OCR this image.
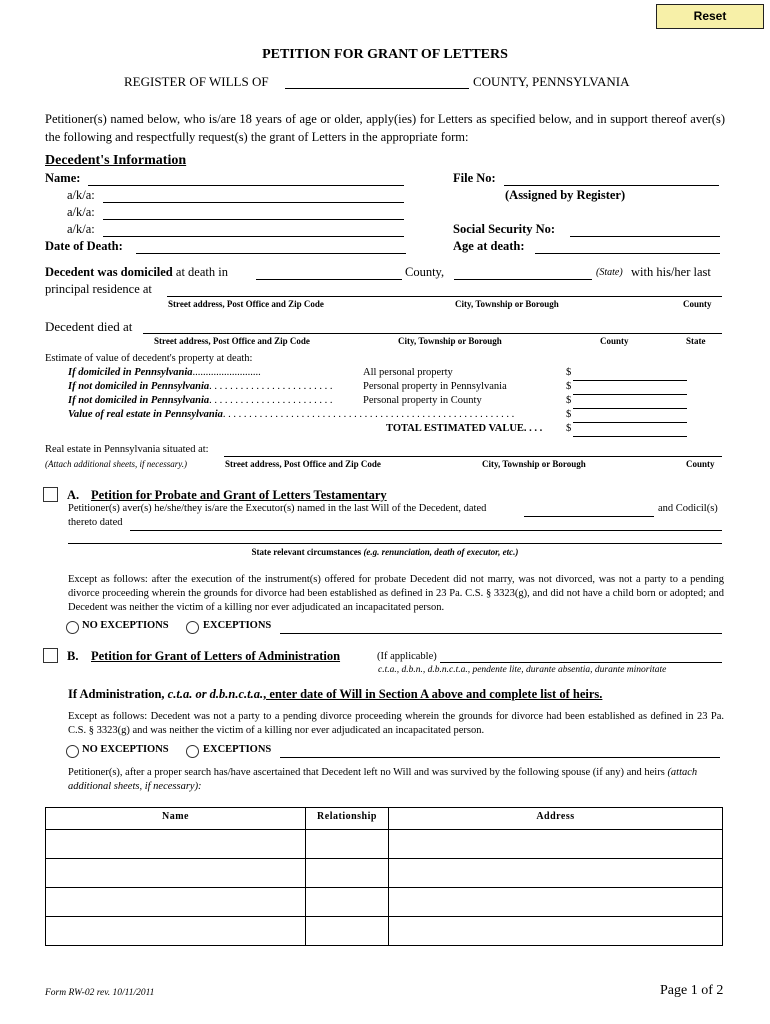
Reset
PETITION FOR GRANT OF LETTERS
REGISTER OF WILLS OF	COUNTY, PENNSYLVANIA
Petitioner(s) named below, who is/are 18 years of age or older, apply(ies) for Letters as specified below, and in support thereof aver(s) the following and respectfully request(s) the grant of Letters in the appropriate form:
Decedent's Information
Name:
a/k/a:
a/k/a:
a/k/a:
Date of Death:
File No:
(Assigned by Register)
Social Security No:
Age at death:
Decedent was domiciled at death in	County,	(State) with his/her last
principal residence at
Street address, Post Office and Zip Code	City, Township or Borough	County
Decedent died at
Street address, Post Office and Zip Code	City, Township or Borough	County	State
Estimate of value of decedent's property at death:
If domiciled in Pennsylvania..........................	All personal property	$
If not domiciled in Pennsylvania. . . . . . . . . . . . . . . . . . . . . . . .	Personal property in Pennsylvania	$
If not domiciled in Pennsylvania. . . . . . . . . . . . . . . . . . . . . . . .	Personal property in County	$
Value of real estate in Pennsylvania. . . . . . . . . . . . . . . . . . . . . . . . . . . . . . . . . . . . . . . . . . . . . . . . . . . . . . . .	$
TOTAL ESTIMATED VALUE. . . . $
Real estate in Pennsylvania situated at:
(Attach additional sheets, if necessary.)	Street address, Post Office and Zip Code	City, Township or Borough	County
A. Petition for Probate and Grant of Letters Testamentary
Petitioner(s) aver(s) he/she/they is/are the Executor(s) named in the last Will of the Decedent, dated	and Codicil(s)
thereto dated
State relevant circumstances (e.g. renunciation, death of executor, etc.)
Except as follows: after the execution of the instrument(s) offered for probate Decedent did not marry, was not divorced, was not a party to a pending divorce proceeding wherein the grounds for divorce had been established as defined in 23 Pa. C.S. § 3323(g), and did not have a child born or adopted; and Decedent was neither the victim of a killing nor ever adjudicated an incapacitated person.
NO EXCEPTIONS	EXCEPTIONS
B. Petition for Grant of Letters of Administration	(If applicable)
c.t.a., d.b.n., d.b.n.c.t.a., pendente lite, durante absentia, durante minoritate
If Administration, c.t.a. or d.b.n.c.t.a., enter date of Will in Section A above and complete list of heirs.
Except as follows: Decedent was not a party to a pending divorce proceeding wherein the grounds for divorce had been established as defined in 23 Pa. C.S. § 3323(g) and was neither the victim of a killing nor ever adjudicated an incapacitated person.
NO EXCEPTIONS	EXCEPTIONS
Petitioner(s), after a proper search has/have ascertained that Decedent left no Will and was survived by the following spouse (if any) and heirs (attach additional sheets, if necessary):
Name	Relationship	Address

Form RW-02 rev. 10/11/2011	Page 1 of 2
